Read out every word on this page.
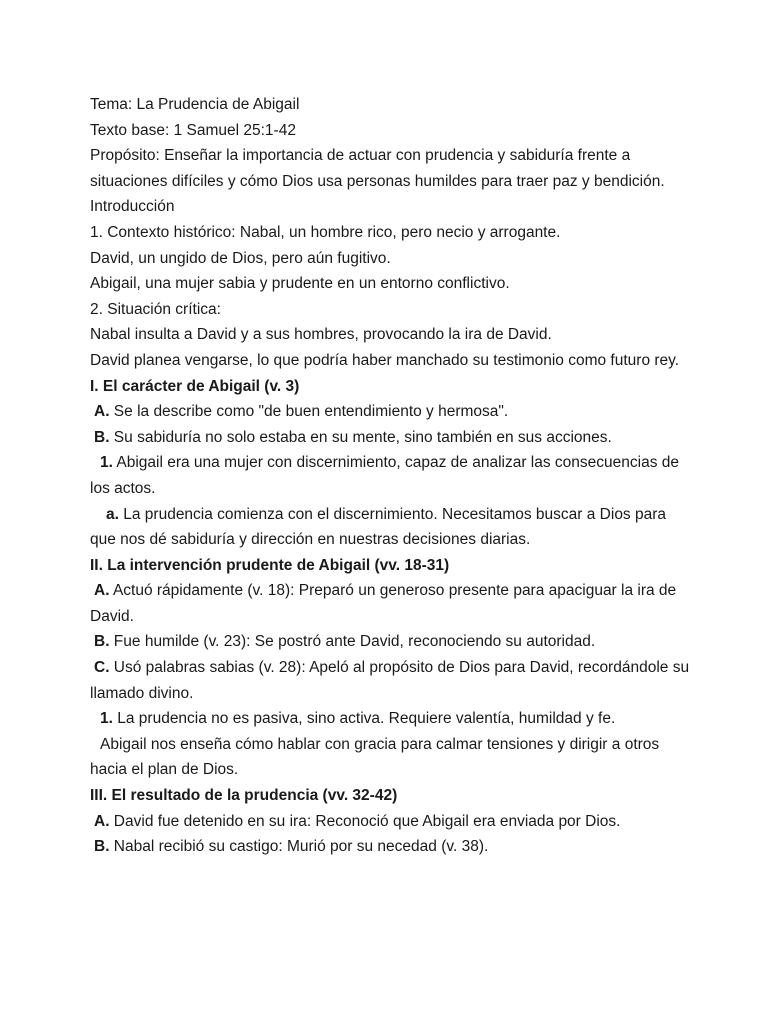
Tema: La Prudencia de Abigail
Texto base: 1 Samuel 25:1-42
Propósito: Enseñar la importancia de actuar con prudencia y sabiduría frente a situaciones difíciles y cómo Dios usa personas humildes para traer paz y bendición.
Introducción
1. Contexto histórico: Nabal, un hombre rico, pero necio y arrogante.
David, un ungido de Dios, pero aún fugitivo.
Abigail, una mujer sabia y prudente en un entorno conflictivo.
2. Situación crítica:
Nabal insulta a David y a sus hombres, provocando la ira de David.
David planea vengarse, lo que podría haber manchado su testimonio como futuro rey.
I. El carácter de Abigail (v. 3)
A. Se la describe como "de buen entendimiento y hermosa".
B. Su sabiduría no solo estaba en su mente, sino también en sus acciones.
1. Abigail era una mujer con discernimiento, capaz de analizar las consecuencias de los actos.
a. La prudencia comienza con el discernimiento. Necesitamos buscar a Dios para que nos dé sabiduría y dirección en nuestras decisiones diarias.
II. La intervención prudente de Abigail (vv. 18-31)
A. Actuó rápidamente (v. 18): Preparó un generoso presente para apaciguar la ira de David.
B. Fue humilde (v. 23): Se postró ante David, reconociendo su autoridad.
C. Usó palabras sabias (v. 28): Apeló al propósito de Dios para David, recordándole su llamado divino.
1. La prudencia no es pasiva, sino activa. Requiere valentía, humildad y fe.
Abigail nos enseña cómo hablar con gracia para calmar tensiones y dirigir a otros hacia el plan de Dios.
III. El resultado de la prudencia (vv. 32-42)
A. David fue detenido en su ira: Reconoció que Abigail era enviada por Dios.
B. Nabal recibió su castigo: Murió por su necedad (v. 38).
